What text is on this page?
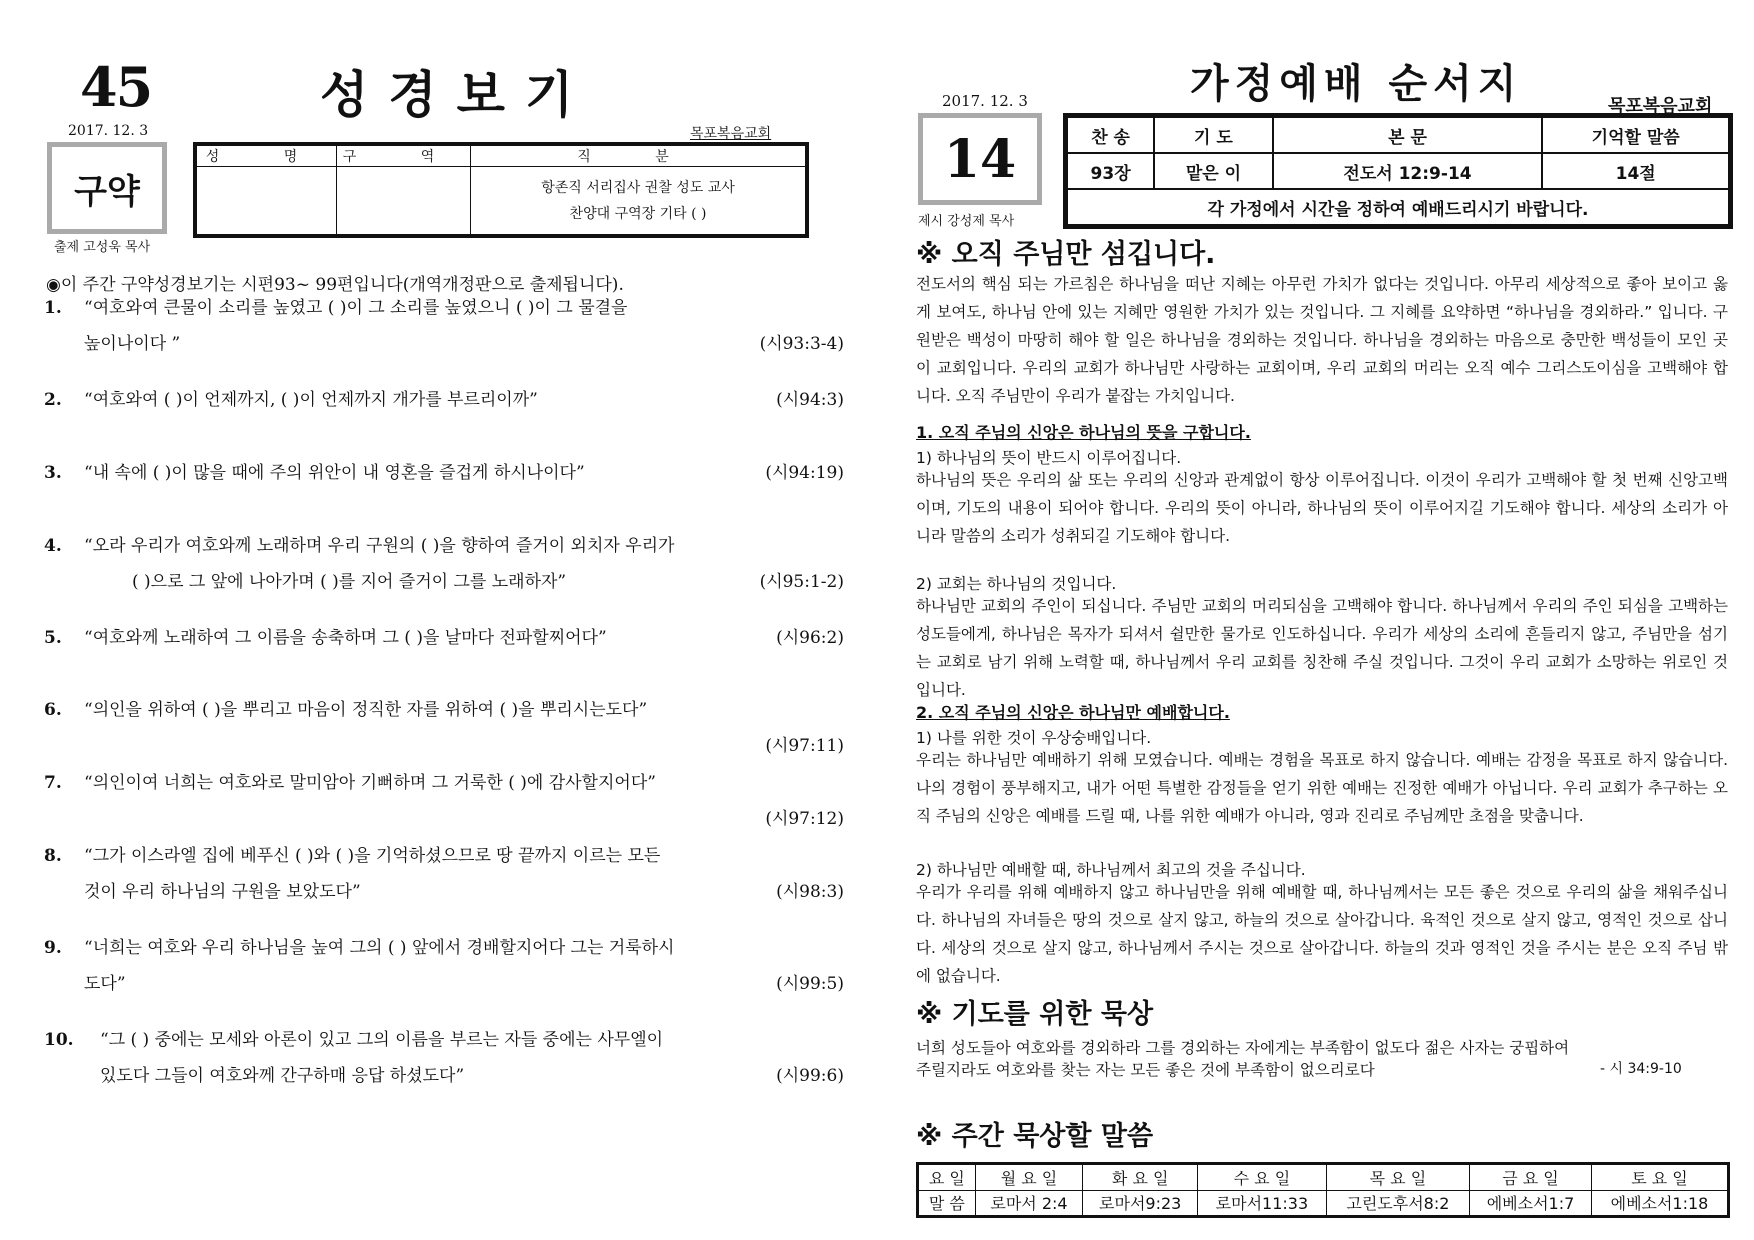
45	성경보기
2017. 12. 3	목포복음교회
구약
출제 고성욱 목사
성 명	구 역	직 분

		항존직 서리집사 권찰 성도 교사
찬양대 구역장 기타 ( )
◉이 주간 구약성경보기는 시편93~ 99편입니다(개역개정판으로 출제됩니다).
1.	“여호와여 큰물이 소리를 높였고 ( )이 그 소리를 높였으니 ( )이 그 물결을
높이나이다 ”	(시93:3-4)
2.	“여호와여 ( )이 언제까지, ( )이 언제까지 개가를 부르리이까”	(시94:3)
3.	“내 속에 ( )이 많을 때에 주의 위안이 내 영혼을 즐겁게 하시나이다”	(시94:19)
4.	“오라 우리가 여호와께 노래하며 우리 구원의 ( )을 향하여 즐거이 외치자 우리가
( )으로 그 앞에 나아가며 ( )를 지어 즐거이 그를 노래하자”	(시95:1-2)
5.	“여호와께 노래하여 그 이름을 송축하며 그 ( )을 날마다 전파할찌어다”	(시96:2)
6.	“의인을 위하여 ( )을 뿌리고 마음이 정직한 자를 위하여 ( )을 뿌리시는도다”
(시97:11)
7.	“의인이여 너희는 여호와로 말미암아 기뻐하며 그 거룩한 ( )에 감사할지어다”
(시97:12)
8.	“그가 이스라엘 집에 베푸신 ( )와 ( )을 기억하셨으므로 땅 끝까지 이르는 모든
것이 우리 하나님의 구원을 보았도다”	(시98:3)
9.	“너희는 여호와 우리 하나님을 높여 그의 ( ) 앞에서 경배할지어다 그는 거룩하시
도다”	(시99:5)
10.	“그 ( ) 중에는 모세와 아론이 있고 그의 이름을 부르는 자들 중에는 사무엘이
있도다 그들이 여호와께 간구하매 응답 하셨도다”	(시99:6)
가정예배 순서지
2017. 12. 3	목포복음교회
14
제시 강성제 목사
찬 송	기 도	본 문	기억할 말씀
93장	맡은 이	전도서 12:9-14	14절
각 가정에서 시간을 정하여 예배드리시기 바랍니다.			
※ 오직 주님만 섬깁니다.
전도서의 핵심 되는 가르침은 하나님을 떠난 지혜는 아무런 가치가 없다는 것입니다. 아무리 세상적으로 좋아 보이고 옳게 보여도, 하나님 안에 있는 지혜만 영원한 가치가 있는 것입니다. 그 지혜를 요약하면 “하나님을 경외하라.” 입니다. 구원받은 백성이 마땅히 해야 할 일은 하나님을 경외하는 것입니다. 하나님을 경외하는 마음으로 충만한 백성들이 모인 곳이 교회입니다. 우리의 교회가 하나님만 사랑하는 교회이며, 우리 교회의 머리는 오직 예수 그리스도이심을 고백해야 합니다. 오직 주님만이 우리가 붙잡는 가치입니다.
1. 오직 주님의 신앙은 하나님의 뜻을 구합니다.
1) 하나님의 뜻이 반드시 이루어집니다.
하나님의 뜻은 우리의 삶 또는 우리의 신앙과 관계없이 항상 이루어집니다. 이것이 우리가 고백해야 할 첫 번째 신앙고백이며, 기도의 내용이 되어야 합니다. 우리의 뜻이 아니라, 하나님의 뜻이 이루어지길 기도해야 합니다. 세상의 소리가 아니라 말씀의 소리가 성취되길 기도해야 합니다.
2) 교회는 하나님의 것입니다.
하나님만 교회의 주인이 되십니다. 주님만 교회의 머리되심을 고백해야 합니다. 하나님께서 우리의 주인 되심을 고백하는 성도들에게, 하나님은 목자가 되셔서 쉴만한 물가로 인도하십니다. 우리가 세상의 소리에 흔들리지 않고, 주님만을 섬기는 교회로 남기 위해 노력할 때, 하나님께서 우리 교회를 칭찬해 주실 것입니다. 그것이 우리 교회가 소망하는 위로인 것입니다.
2. 오직 주님의 신앙은 하나님만 예배합니다.
1) 나를 위한 것이 우상숭배입니다.
우리는 하나님만 예배하기 위해 모였습니다. 예배는 경험을 목표로 하지 않습니다. 예배는 감정을 목표로 하지 않습니다. 나의 경험이 풍부해지고, 내가 어떤 특별한 감정들을 얻기 위한 예배는 진정한 예배가 아닙니다. 우리 교회가 추구하는 오직 주님의 신앙은 예배를 드릴 때, 나를 위한 예배가 아니라, 영과 진리로 주님께만 초점을 맞춥니다.
2) 하나님만 예배할 때, 하나님께서 최고의 것을 주십니다.
우리가 우리를 위해 예배하지 않고 하나님만을 위해 예배할 때, 하나님께서는 모든 좋은 것으로 우리의 삶을 채워주십니다. 하나님의 자녀들은 땅의 것으로 살지 않고, 하늘의 것으로 살아갑니다. 육적인 것으로 살지 않고, 영적인 것으로 삽니다. 세상의 것으로 살지 않고, 하나님께서 주시는 것으로 살아갑니다. 하늘의 것과 영적인 것을 주시는 분은 오직 주님 밖에 없습니다.
※ 기도를 위한 묵상
너희 성도들아 여호와를 경외하라 그를 경외하는 자에게는 부족함이 없도다 젊은 사자는 궁핍하여
주릴지라도 여호와를 찾는 자는 모든 좋은 것에 부족함이 없으리로다	- 시 34:9-10
※ 주간 묵상할 말씀
요 일	월 요 일	화 요 일	수 요 일	목 요 일	금 요 일	토 요 일
말 씀	로마서 2:4	로마서9:23	로마서11:33	고린도후서8:2	에베소서1:7	에베소서1:18
